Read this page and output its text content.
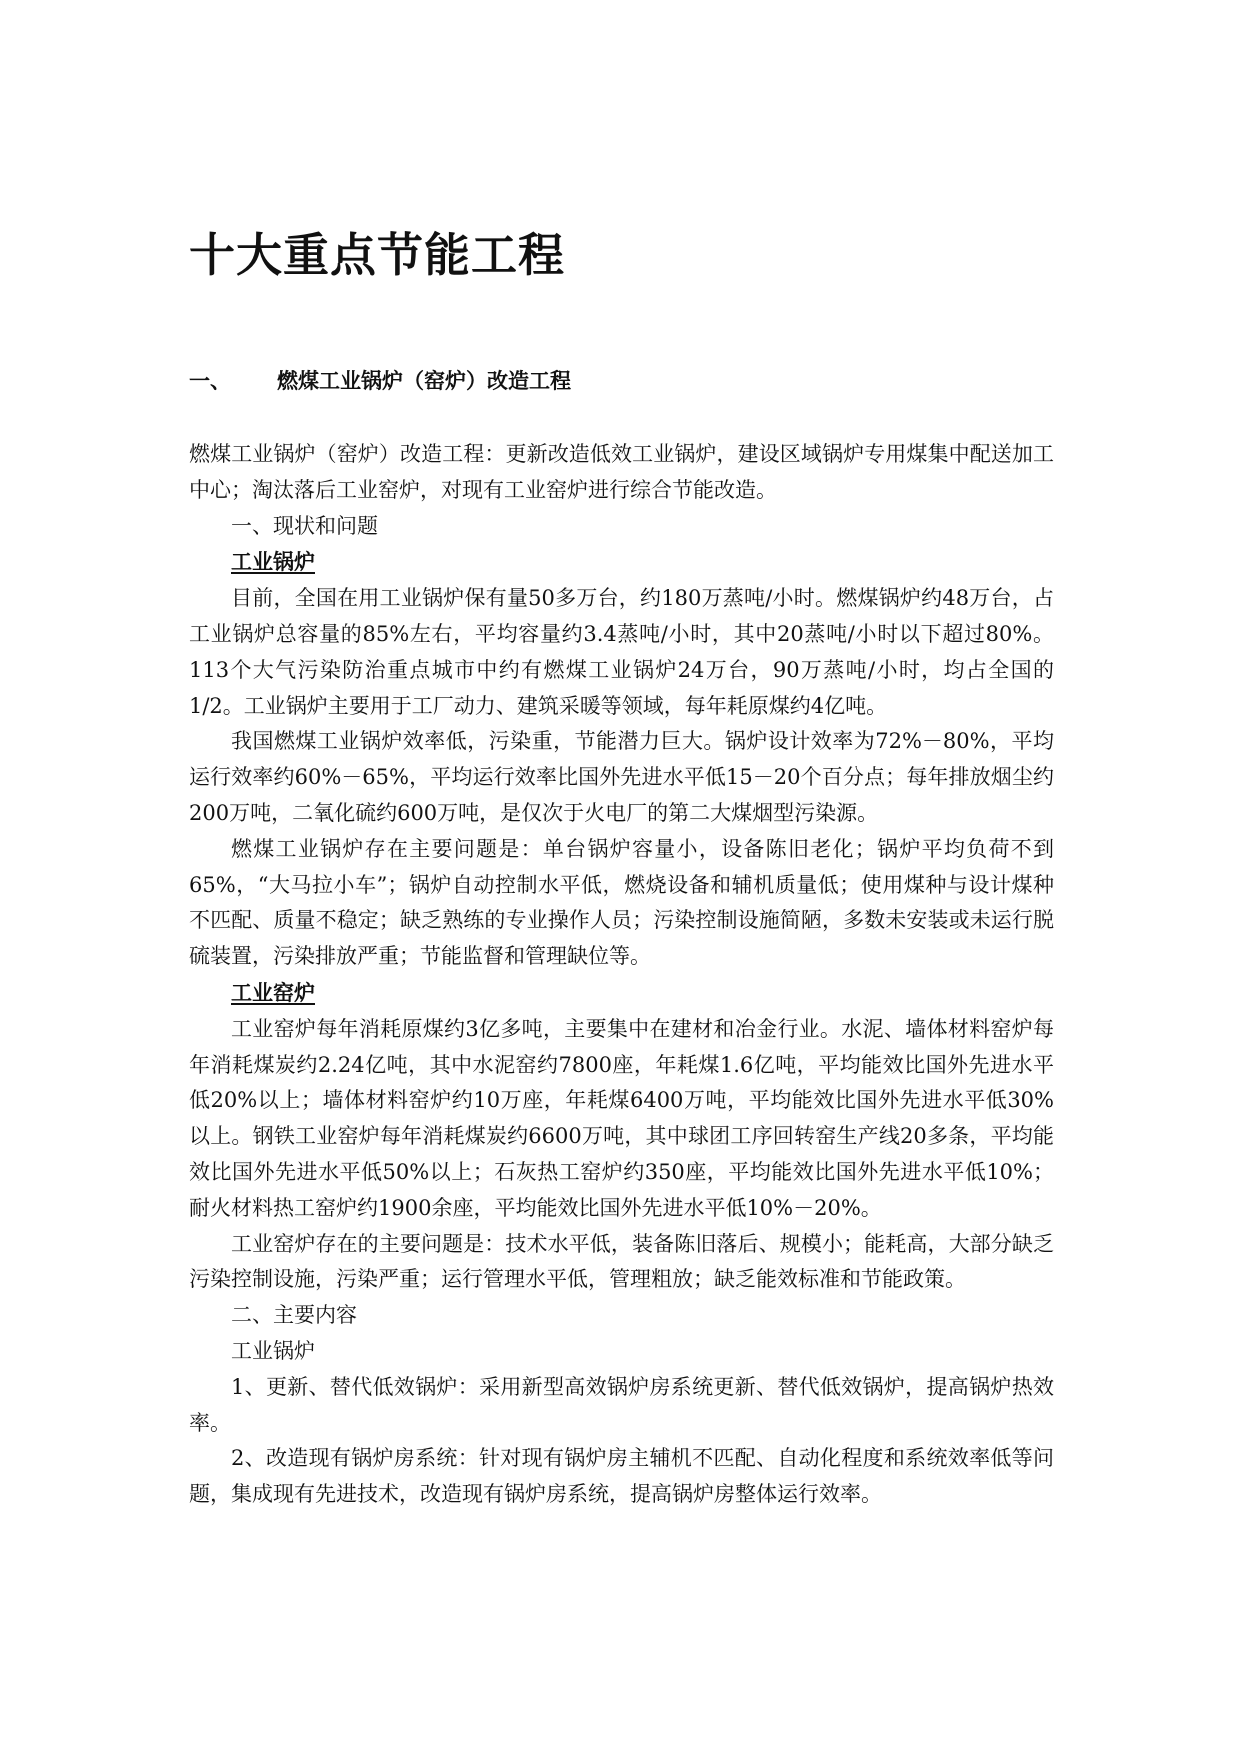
十大重点节能工程
一、 燃煤工业锅炉（窑炉）改造工程

燃煤工业锅炉（窑炉）改造工程：更新改造低效工业锅炉，建设区域锅炉专用煤集中配送加工中心；淘汰落后工业窑炉，对现有工业窑炉进行综合节能改造。

一、现状和问题

工业锅炉

目前，全国在用工业锅炉保有量50多万台，约180万蒸吨/小时。燃煤锅炉约48万台，占工业锅炉总容量的85%左右，平均容量约3.4蒸吨/小时，其中20蒸吨/小时以下超过80%。113个大气污染防治重点城市中约有燃煤工业锅炉24万台，90万蒸吨/小时，均占全国的1/2。工业锅炉主要用于工厂动力、建筑采暖等领域，每年耗原煤约4亿吨。

我国燃煤工业锅炉效率低，污染重，节能潜力巨大。锅炉设计效率为72%－80%，平均运行效率约60%－65%，平均运行效率比国外先进水平低15－20个百分点；每年排放烟尘约200万吨，二氧化硫约600万吨，是仅次于火电厂的第二大煤烟型污染源。

燃煤工业锅炉存在主要问题是：单台锅炉容量小，设备陈旧老化；锅炉平均负荷不到65%，“大马拉小车”；锅炉自动控制水平低，燃烧设备和辅机质量低；使用煤种与设计煤种不匹配、质量不稳定；缺乏熟练的专业操作人员；污染控制设施简陋，多数未安装或未运行脱硫装置，污染排放严重；节能监督和管理缺位等。

工业窑炉

工业窑炉每年消耗原煤约3亿多吨，主要集中在建材和冶金行业。水泥、墙体材料窑炉每年消耗煤炭约2.24亿吨，其中水泥窑约7800座，年耗煤1.6亿吨，平均能效比国外先进水平低20%以上；墙体材料窑炉约10万座，年耗煤6400万吨，平均能效比国外先进水平低30%以上。钢铁工业窑炉每年消耗煤炭约6600万吨，其中球团工序回转窑生产线20多条，平均能效比国外先进水平低50%以上；石灰热工窑炉约350座，平均能效比国外先进水平低10%；耐火材料热工窑炉约1900余座，平均能效比国外先进水平低10%－20%。

工业窑炉存在的主要问题是：技术水平低，装备陈旧落后、规模小；能耗高，大部分缺乏污染控制设施，污染严重；运行管理水平低，管理粗放；缺乏能效标准和节能政策。

二、主要内容

工业锅炉

1、更新、替代低效锅炉：采用新型高效锅炉房系统更新、替代低效锅炉，提高锅炉热效率。

2、改造现有锅炉房系统：针对现有锅炉房主辅机不匹配、自动化程度和系统效率低等问题，集成现有先进技术，改造现有锅炉房系统，提高锅炉房整体运行效率。
